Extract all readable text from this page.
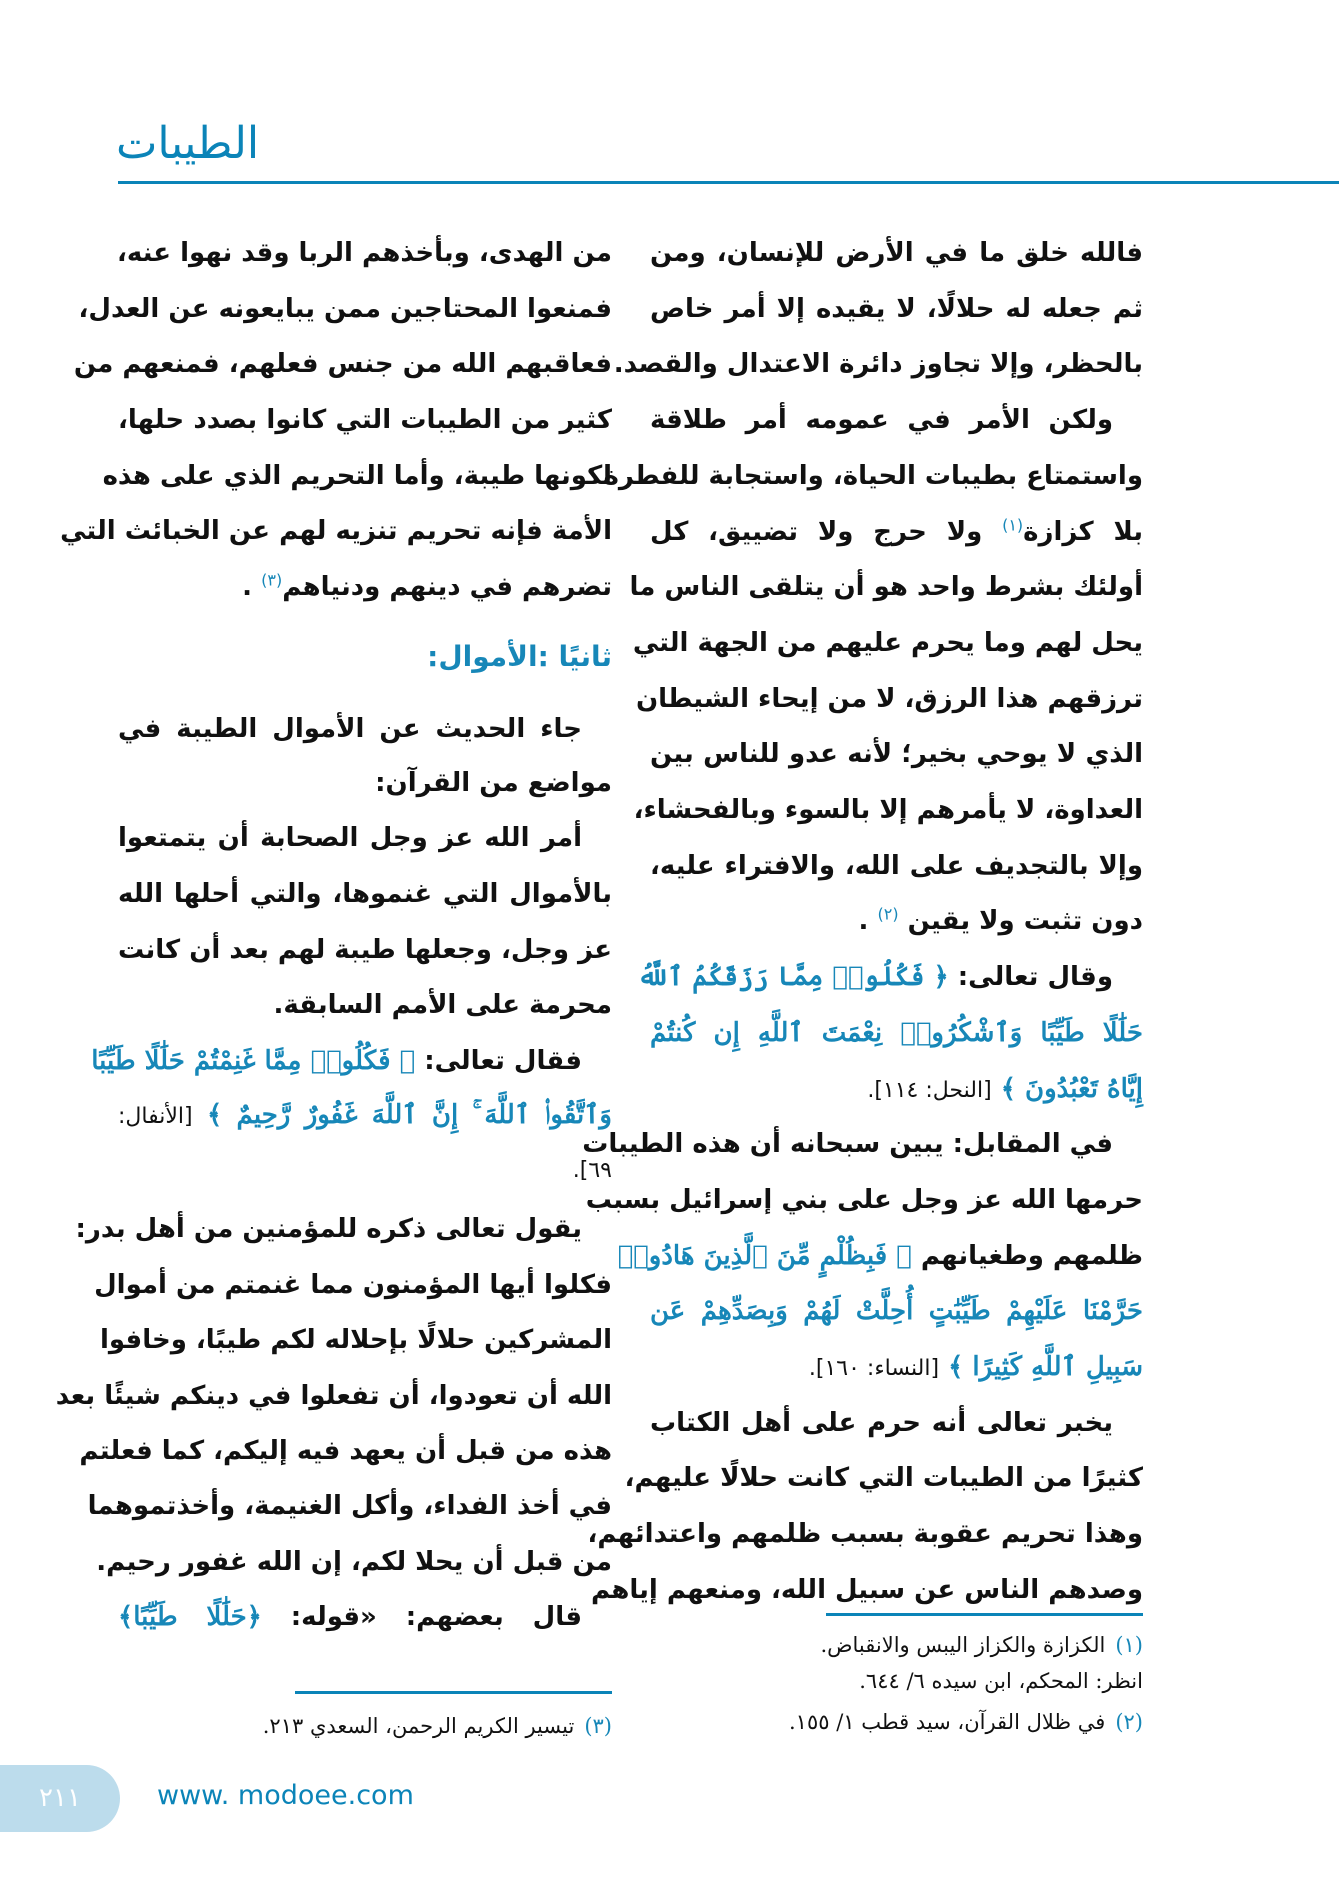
الطيبات
فالله خلق ما في الأرض للإنسان، ومن
ثم جعله له حلالًا، لا يقيده إلا أمر خاص
بالحظر، وإلا تجاوز دائرة الاعتدال والقصد.
ولكن الأمر في عمومه أمر طلاقة
واستمتاع بطيبات الحياة، واستجابة للفطرة
بلا كزازة$^{(١)}$ ولا حرج ولا تضييق، كل
أولئك بشرط واحد هو أن يتلقى الناس ما
يحل لهم وما يحرم عليهم من الجهة التي
ترزقهم هذا الرزق، لا من إيحاء الشيطان
الذي لا يوحي بخير؛ لأنه عدو للناس بين
العداوة، لا يأمرهم إلا بالسوء وبالفحشاء،
وإلا بالتجديف على الله، والافتراء عليه،
دون تثبت ولا يقين $^{(٢)}$ .
وقال تعالى: ﴿ فَكُلُوا۟ مِمَّا رَزَقَكُمُ ٱللَّهُ
حَلَٰلًا طَيِّبًا وَٱشْكُرُوا۟ نِعْمَتَ ٱللَّهِ إِن كُنتُمْ
إِيَّاهُ تَعْبُدُونَ ﴾ [النحل: ١١٤].
في المقابل: يبين سبحانه أن هذه الطيبات
حرمها الله عز وجل على بني إسرائيل بسبب
ظلمهم وطغيانهم ﴿ فَبِظُلْمٍ مِّنَ ٱلَّذِينَ هَادُوا۟
حَرَّمْنَا عَلَيْهِمْ طَيِّبَٰتٍ أُحِلَّتْ لَهُمْ وَبِصَدِّهِمْ عَن
سَبِيلِ ٱللَّهِ كَثِيرًا ﴾ [النساء: ١٦٠].
يخبر تعالى أنه حرم على أهل الكتاب
كثيرًا من الطيبات التي كانت حلالًا عليهم،
وهذا تحريم عقوبة بسبب ظلمهم واعتدائهم،
وصدهم الناس عن سبيل الله، ومنعهم إياهم
من الهدى، وبأخذهم الربا وقد نهوا عنه،
فمنعوا المحتاجين ممن يبايعونه عن العدل،
فعاقبهم الله من جنس فعلهم، فمنعهم من
كثير من الطيبات التي كانوا بصدد حلها،
لكونها طيبة، وأما التحريم الذي على هذه
الأمة فإنه تحريم تنزيه لهم عن الخبائث التي
تضرهم في دينهم ودنياهم$^{(٣)}$ .
ثانيًا :الأموال:
جاء الحديث عن الأموال الطيبة في
مواضع من القرآن:
أمر الله عز وجل الصحابة أن يتمتعوا
بالأموال التي غنموها، والتي أحلها الله
عز وجل، وجعلها طيبة لهم بعد أن كانت
محرمة على الأمم السابقة.
فقال تعالى: ﴿ فَكُلُوا۟ مِمَّا غَنِمْتُمْ حَلَٰلًا طَيِّبًا
وَٱتَّقُوا۟ ٱللَّهَ ۚ إِنَّ ٱللَّهَ غَفُورٌ رَّحِيمٌ ﴾ [الأنفال:
٦٩].
يقول تعالى ذكره للمؤمنين من أهل بدر:
فكلوا أيها المؤمنون مما غنمتم من أموال
المشركين حلالًا بإحلاله لكم طيبًا، وخافوا
الله أن تعودوا، أن تفعلوا في دينكم شيئًا بعد
هذه من قبل أن يعهد فيه إليكم، كما فعلتم
في أخذ الفداء، وأكل الغنيمة، وأخذتموهما
من قبل أن يحلا لكم، إن الله غفور رحيم.
قال بعضهم: «قوله: ﴿حَلَٰلًا طَيِّبًا﴾
(١)الكزازة والكزاز اليبس والانقباض.
انظر: المحكم، ابن سيده ٦/ ٦٤٤.
(٢)في ظلال القرآن، سيد قطب ١/ ١٥٥.
(٣)تيسير الكريم الرحمن، السعدي ٢١٣.
٢١١	www. modoee.com
